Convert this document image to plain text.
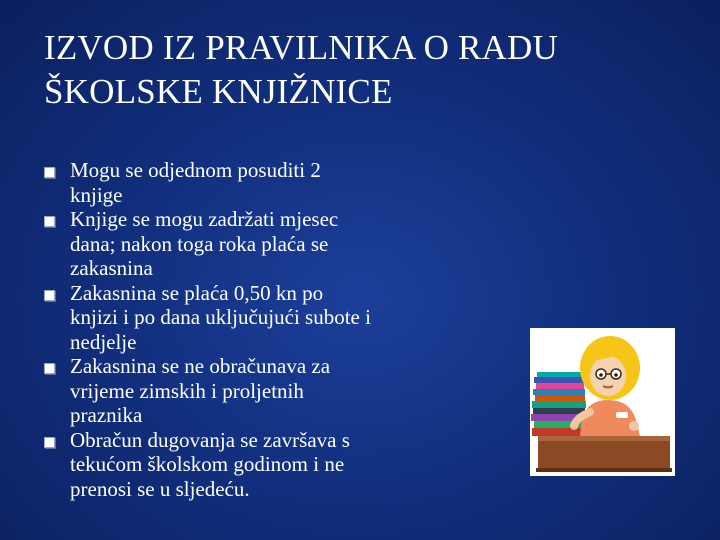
IZVOD IZ PRAVILNIKA O RADU
ŠKOLSKE KNJIŽNICE
Mogu se odjednom posuditi 2
knjige
Knjige se mogu zadržati mjesec
dana; nakon toga roka plaća se
zakasnina
Zakasnina se plaća 0,50 kn po
knjizi i po dana uključujući subote i
nedjelje
Zakasnina se ne obračunava za
vrijeme zimskih i proljetnih
praznika
Obračun dugovanja se završava s
tekućom školskom godinom i ne
prenosi se u sljedeću.
